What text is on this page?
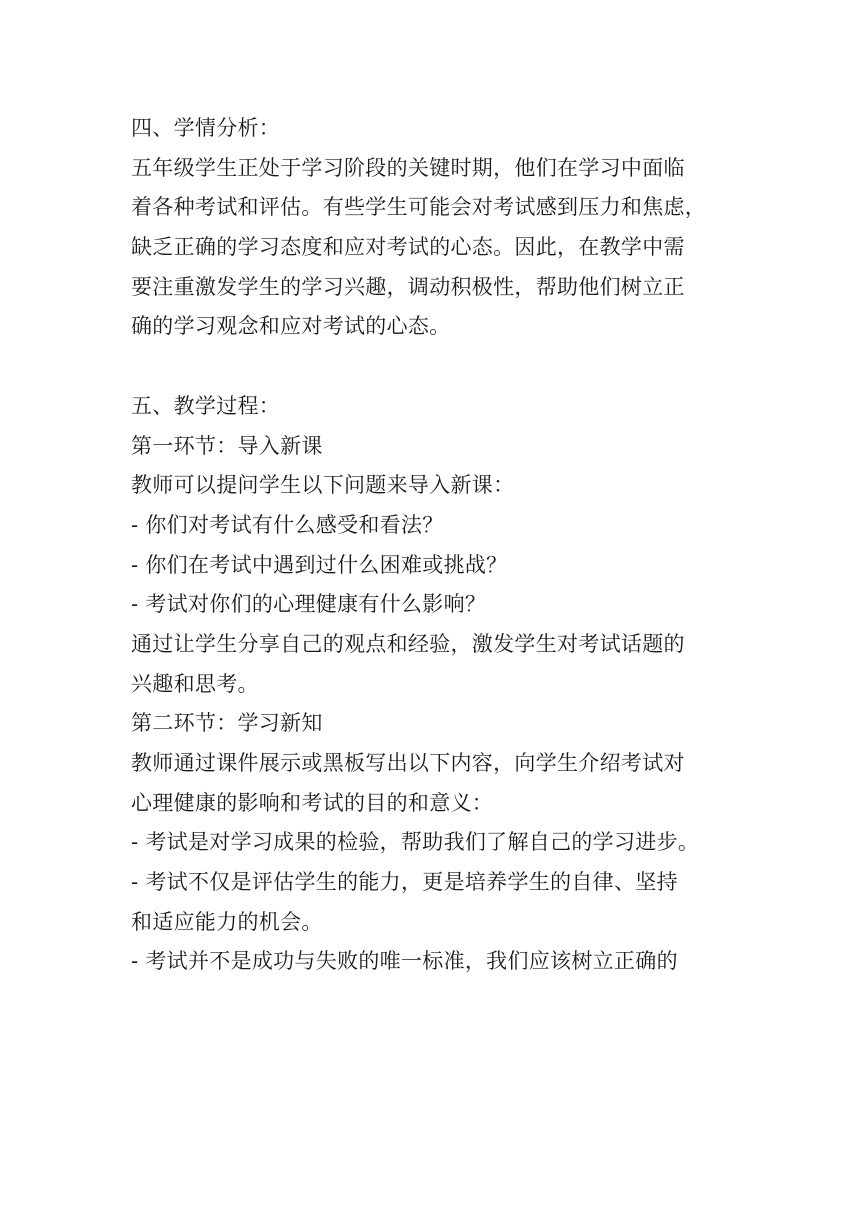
四、学情分析：
五年级学生正处于学习阶段的关键时期，他们在学习中面临
着各种考试和评估。有些学生可能会对考试感到压力和焦虑，
缺乏正确的学习态度和应对考试的心态。因此，在教学中需
要注重激发学生的学习兴趣，调动积极性，帮助他们树立正
确的学习观念和应对考试的心态。
五、教学过程：
第一环节：导入新课
教师可以提问学生以下问题来导入新课：
- 你们对考试有什么感受和看法？
- 你们在考试中遇到过什么困难或挑战？
- 考试对你们的心理健康有什么影响？
通过让学生分享自己的观点和经验，激发学生对考试话题的
兴趣和思考。
第二环节：学习新知
教师通过课件展示或黑板写出以下内容，向学生介绍考试对
心理健康的影响和考试的目的和意义：
- 考试是对学习成果的检验，帮助我们了解自己的学习进步。
- 考试不仅是评估学生的能力，更是培养学生的自律、坚持
和适应能力的机会。
- 考试并不是成功与失败的唯一标准，我们应该树立正确的
